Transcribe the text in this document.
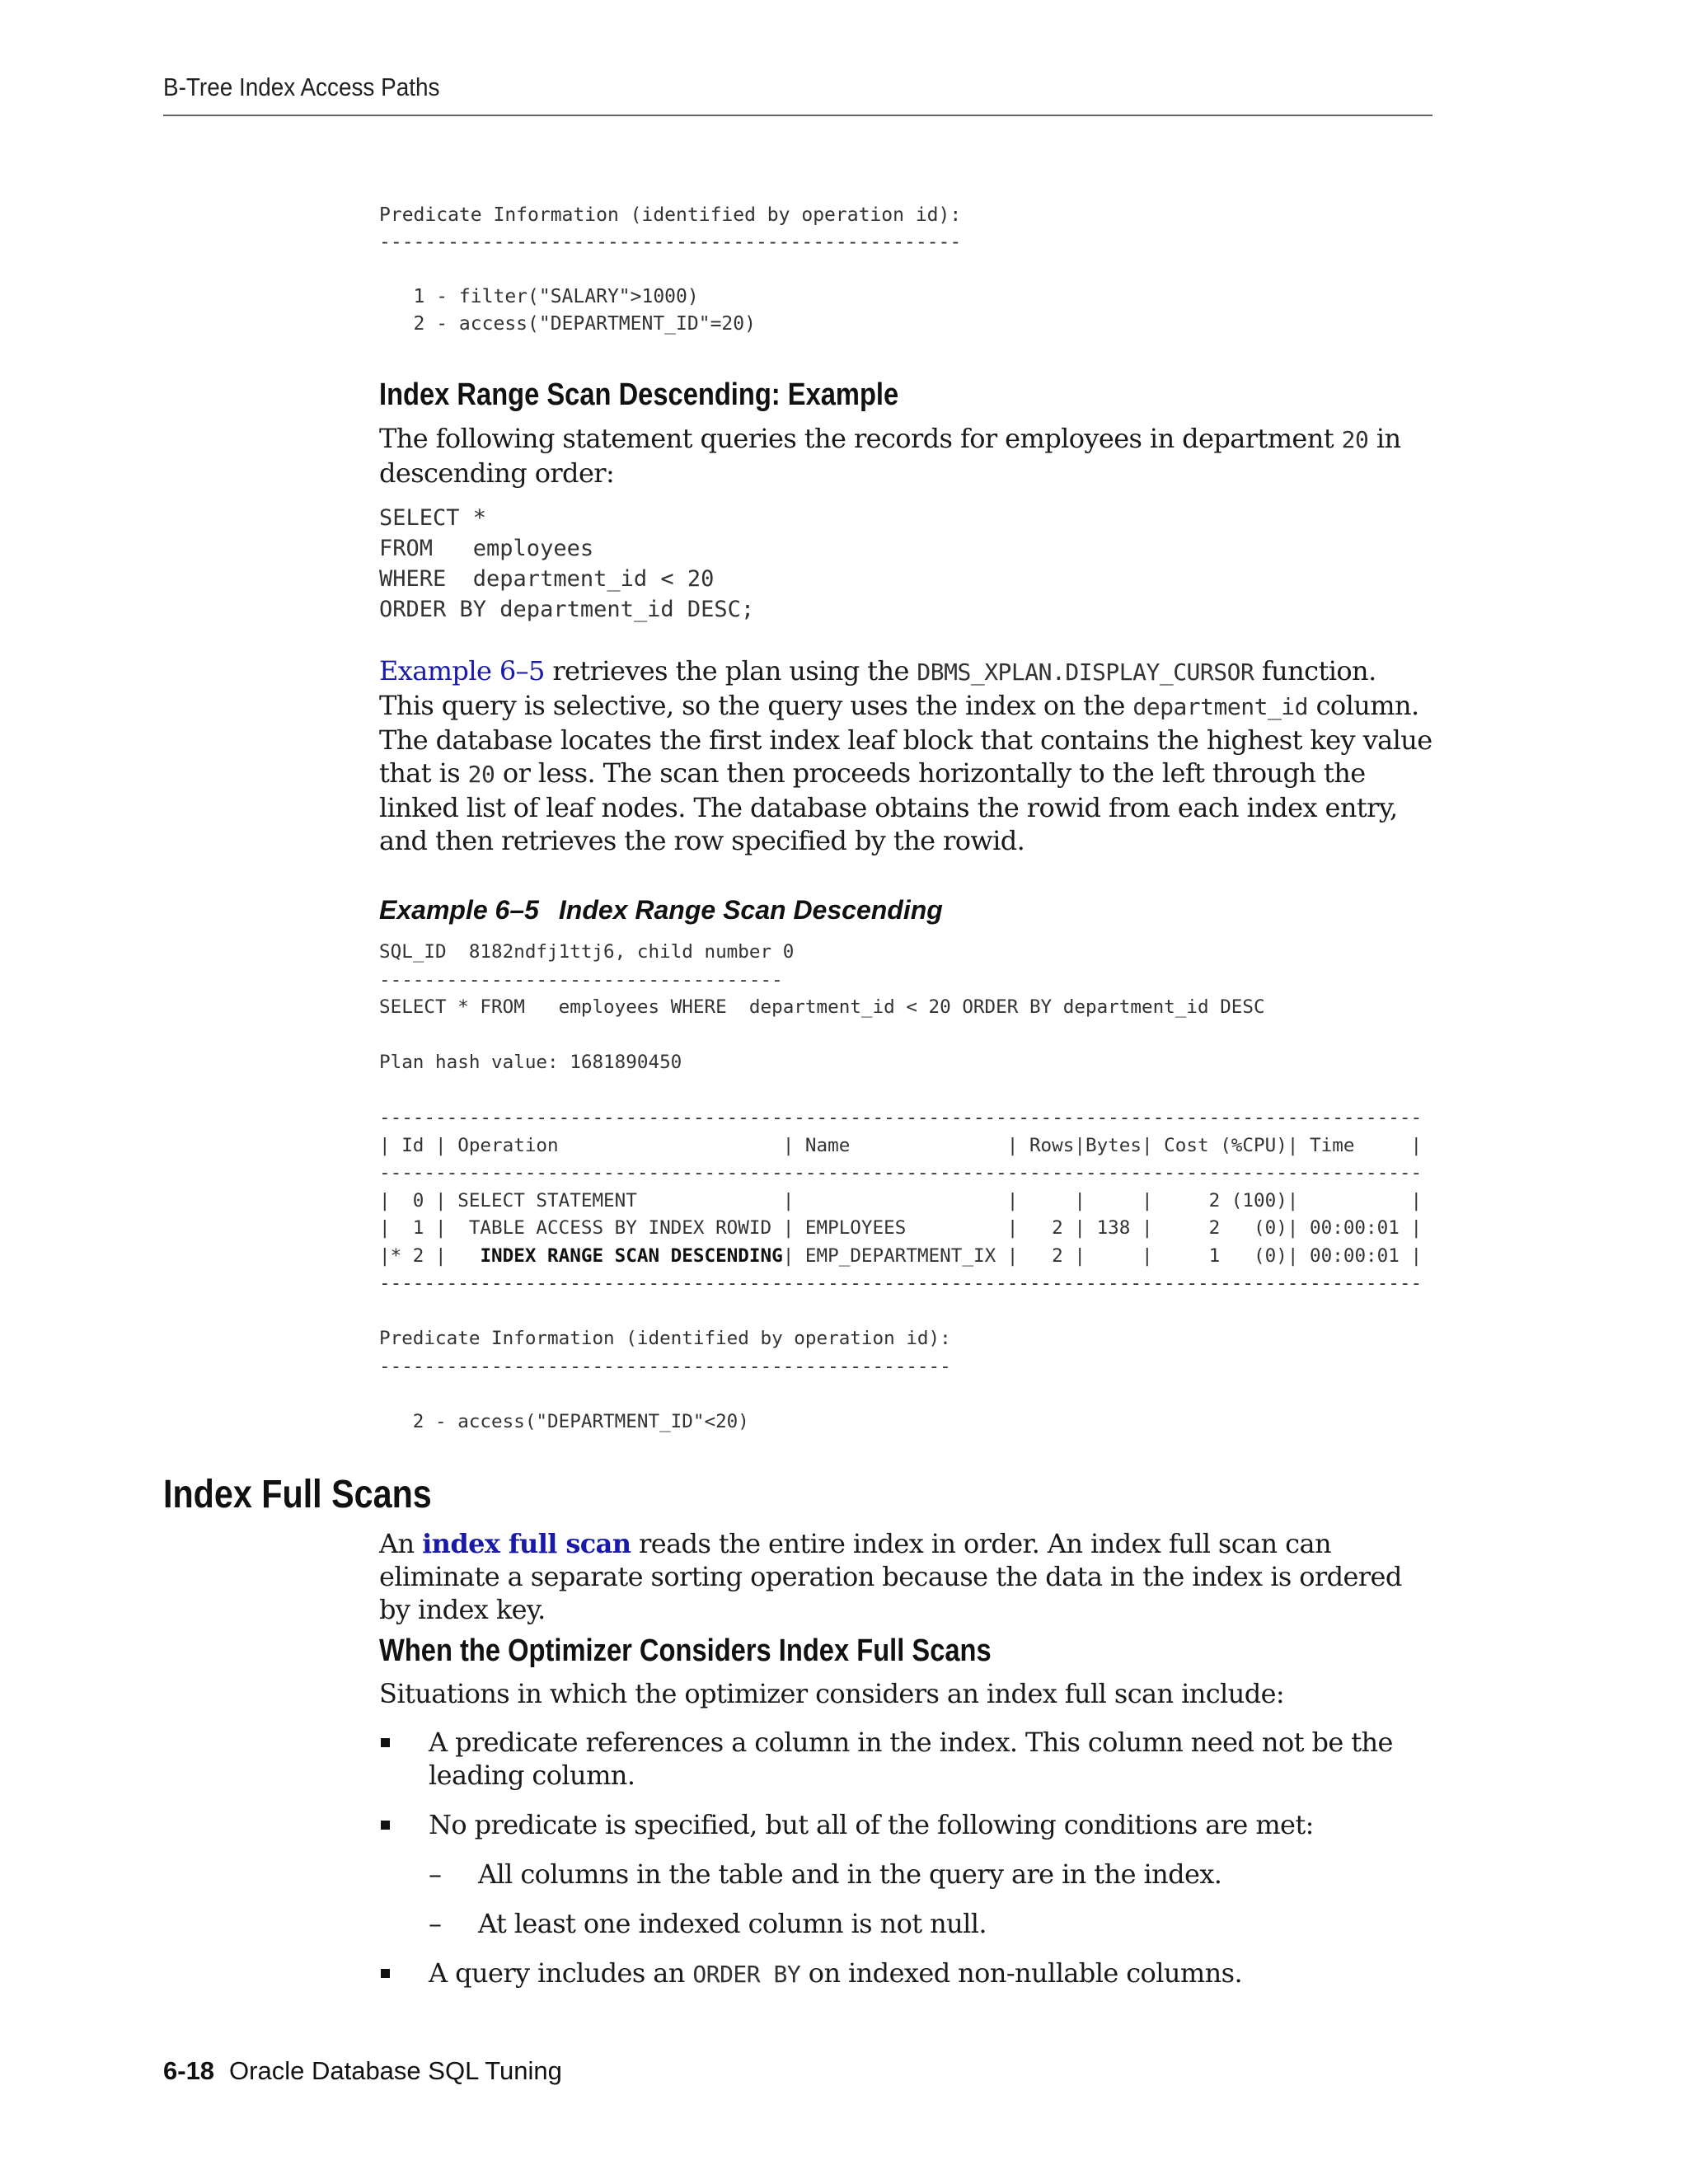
B-Tree Index Access Paths
Predicate Information (identified by operation id):
---------------------------------------------------

1 - filter("SALARY">1000)
2 - access("DEPARTMENT_ID"=20)
Index Range Scan Descending: Example

The following statement queries the records for employees in department 20 in descending order:

SELECT *
FROM   employees
WHERE  department_id < 20
ORDER BY department_id DESC;

Example 6–5 retrieves the plan using the DBMS_XPLAN.DISPLAY_CURSOR function. This query is selective, so the query uses the index on the department_id column. The database locates the first index leaf block that contains the highest key value that is 20 or less. The scan then proceeds horizontally to the left through the linked list of leaf nodes. The database obtains the rowid from each index entry, and then retrieves the row specified by the rowid.

Example 6–5 Index Range Scan Descending

SQL_ID  8182ndfj1ttj6, child number 0
------------------------------------
SELECT * FROM   employees WHERE  department_id < 20 ORDER BY department_id DESC

Plan hash value: 1681890450

---------------------------------------------------------------------------------------------
| Id | Operation                    | Name              | Rows|Bytes| Cost (%CPU)| Time     |
---------------------------------------------------------------------------------------------
|  0 | SELECT STATEMENT             |                   |     |     |     2 (100)|          |
|  1 |  TABLE ACCESS BY INDEX ROWID | EMPLOYEES         |   2 | 138 |     2   (0)| 00:00:01 |
|* 2 |   INDEX RANGE SCAN DESCENDING| EMP_DEPARTMENT_IX |   2 |     |     1   (0)| 00:00:01 |
---------------------------------------------------------------------------------------------

Predicate Information (identified by operation id):
---------------------------------------------------

2 - access("DEPARTMENT_ID"<20)
Index Full Scans

An index full scan reads the entire index in order. An index full scan can eliminate a separate sorting operation because the data in the index is ordered by index key.

When the Optimizer Considers Index Full Scans

Situations in which the optimizer considers an index full scan include:

A predicate references a column in the index. This column need not be the leading column.
No predicate is specified, but all of the following conditions are met:
– All columns in the table and in the query are in the index.
– At least one indexed column is not null.
A query includes an ORDER BY on indexed non-nullable columns.
6-18 Oracle Database SQL Tuning
